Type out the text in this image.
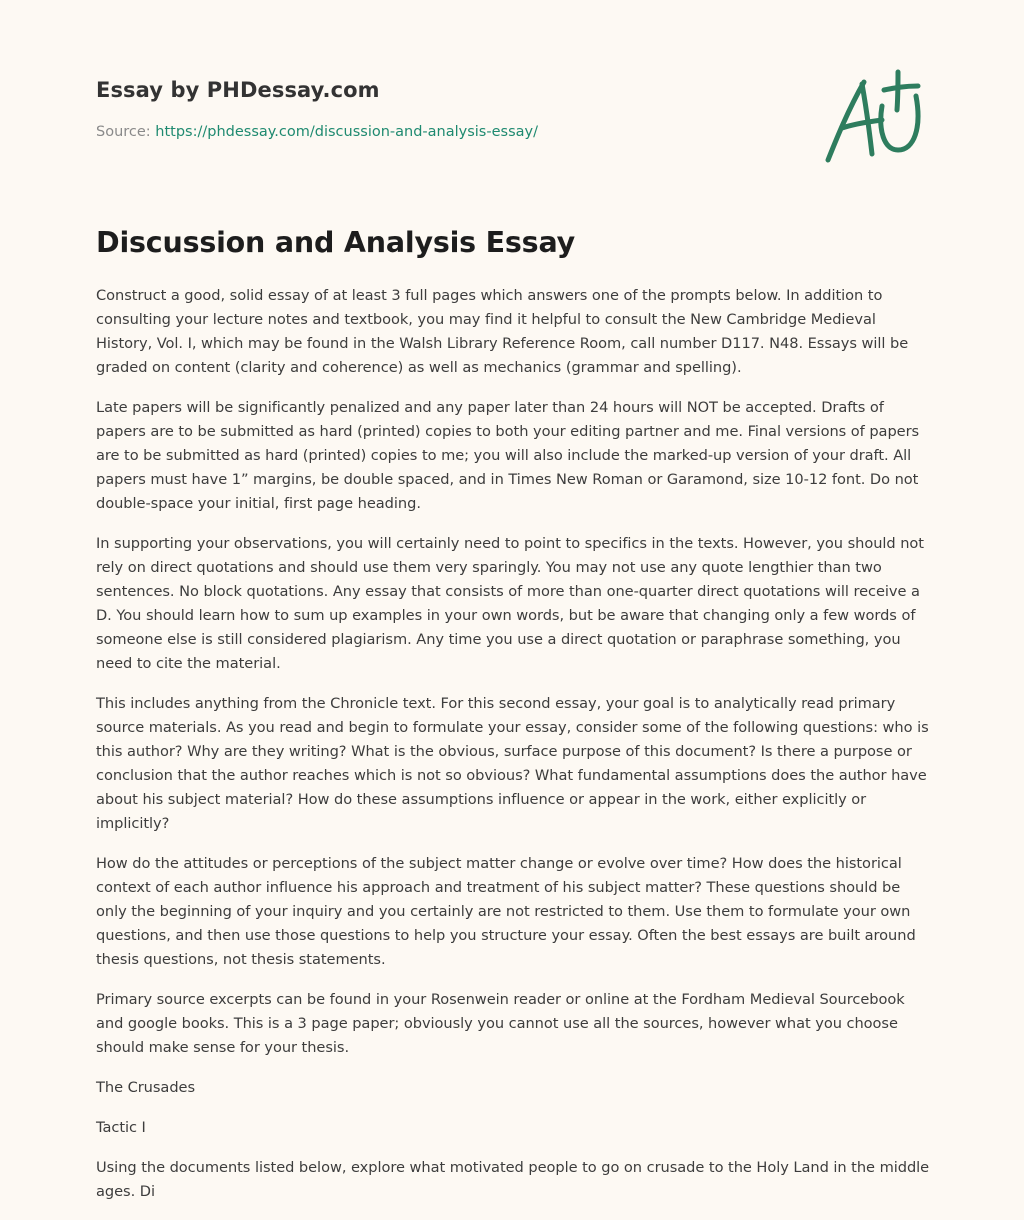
Essay by PHDessay.com
Source: https://phdessay.com/discussion-and-analysis-essay/
Discussion and Analysis Essay

Construct a good, solid essay of at least 3 full pages which answers one of the prompts below. In addition to consulting your lecture notes and textbook, you may find it helpful to consult the New Cambridge Medieval History, Vol. I, which may be found in the Walsh Library Reference Room, call number D117. N48. Essays will be graded on content (clarity and coherence) as well as mechanics (grammar and spelling).

Late papers will be significantly penalized and any paper later than 24 hours will NOT be accepted. Drafts of papers are to be submitted as hard (printed) copies to both your editing partner and me. Final versions of papers are to be submitted as hard (printed) copies to me; you will also include the marked-up version of your draft. All papers must have 1” margins, be double spaced, and in Times New Roman or Garamond, size 10-12 font. Do not double-space your initial, first page heading.

In supporting your observations, you will certainly need to point to specifics in the texts. However, you should not rely on direct quotations and should use them very sparingly. You may not use any quote lengthier than two sentences. No block quotations. Any essay that consists of more than one-quarter direct quotations will receive a D. You should learn how to sum up examples in your own words, but be aware that changing only a few words of someone else is still considered plagiarism. Any time you use a direct quotation or paraphrase something, you need to cite the material.

This includes anything from the Chronicle text. For this second essay, your goal is to analytically read primary source materials. As you read and begin to formulate your essay, consider some of the following questions: who is this author? Why are they writing? What is the obvious, surface purpose of this document? Is there a purpose or conclusion that the author reaches which is not so obvious? What fundamental assumptions does the author have about his subject material? How do these assumptions influence or appear in the work, either explicitly or implicitly?

How do the attitudes or perceptions of the subject matter change or evolve over time? How does the historical context of each author influence his approach and treatment of his subject matter? These questions should be only the beginning of your inquiry and you certainly are not restricted to them. Use them to formulate your own questions, and then use those questions to help you structure your essay. Often the best essays are built around thesis questions, not thesis statements.

Primary source excerpts can be found in your Rosenwein reader or online at the Fordham Medieval Sourcebook and google books. This is a 3 page paper; obviously you cannot use all the sources, however what you choose should make sense for your thesis.

The Crusades

Tactic I

Using the documents listed below, explore what motivated people to go on crusade to the Holy Land in the middle ages. Di
